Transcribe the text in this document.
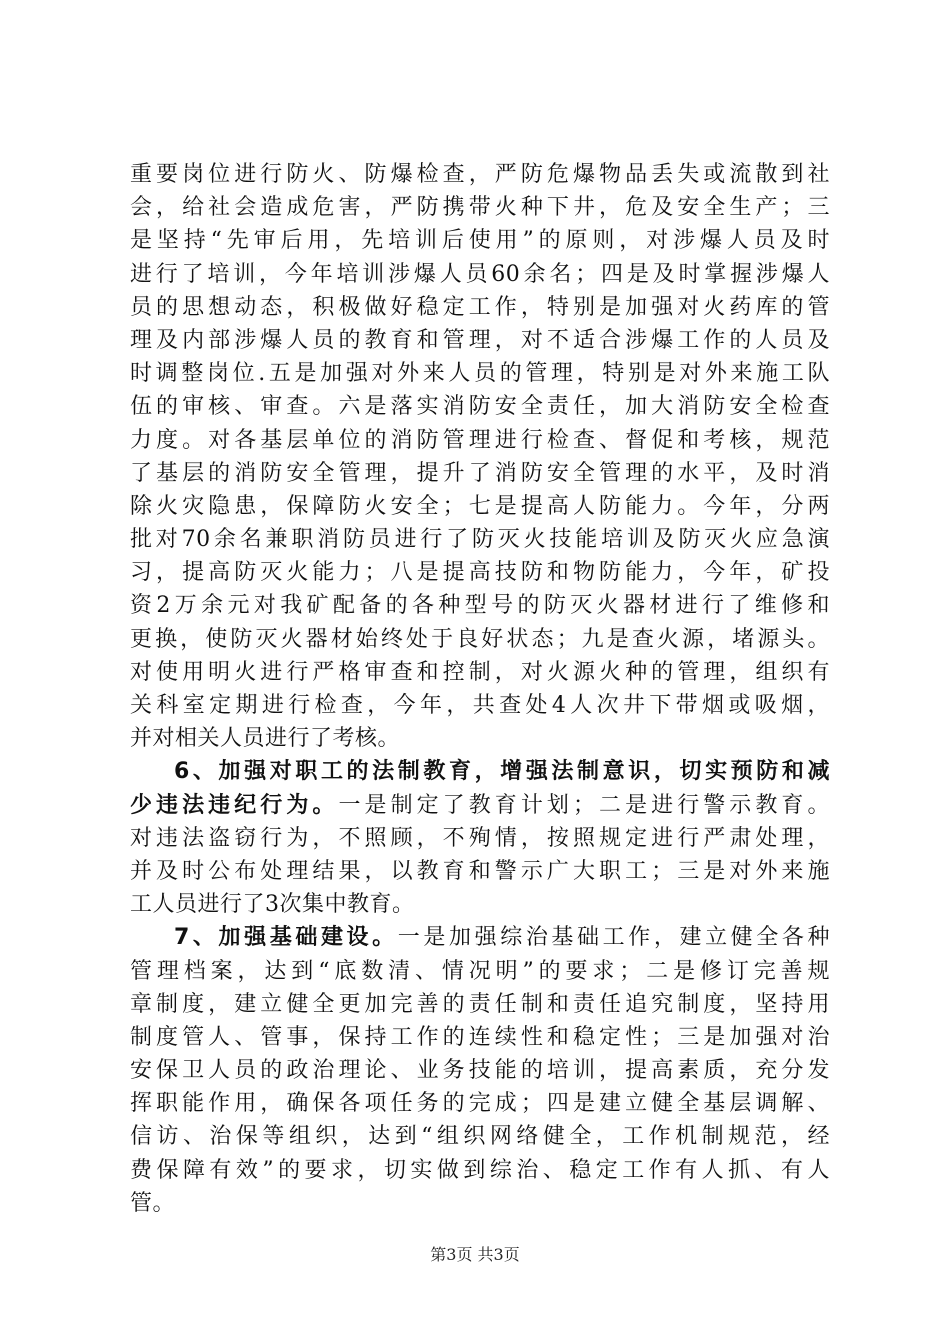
重要岗位进行防火、防爆检查，严防危爆物品丢失或流散到社
会，给社会造成危害，严防携带火种下井，危及安全生产；三
是坚持“先审后用，先培训后使用”的原则，对涉爆人员及时
进行了培训，今年培训涉爆人员60余名；四是及时掌握涉爆人
员的思想动态，积极做好稳定工作，特别是加强对火药库的管
理及内部涉爆人员的教育和管理，对不适合涉爆工作的人员及
时调整岗位.五是加强对外来人员的管理，特别是对外来施工队
伍的审核、审查。六是落实消防安全责任，加大消防安全检查
力度。对各基层单位的消防管理进行检查、督促和考核，规范
了基层的消防安全管理，提升了消防安全管理的水平，及时消
除火灾隐患，保障防火安全；七是提高人防能力。今年，分两
批对70余名兼职消防员进行了防灭火技能培训及防灭火应急演
习，提高防灭火能力；八是提高技防和物防能力，今年，矿投
资2万余元对我矿配备的各种型号的防灭火器材进行了维修和
更换，使防灭火器材始终处于良好状态；九是查火源，堵源头。
对使用明火进行严格审查和控制，对火源火种的管理，组织有
关科室定期进行检查，今年，共查处4人次井下带烟或吸烟，
并对相关人员进行了考核。
6、加强对职工的法制教育，增强法制意识，切实预防和减
少违法违纪行为。一是制定了教育计划；二是进行警示教育。
对违法盗窃行为，不照顾，不殉情，按照规定进行严肃处理，
并及时公布处理结果，以教育和警示广大职工；三是对外来施
工人员进行了3次集中教育。
7、加强基础建设。一是加强综治基础工作，建立健全各种
管理档案，达到“底数清、情况明”的要求；二是修订完善规
章制度，建立健全更加完善的责任制和责任追究制度，坚持用
制度管人、管事，保持工作的连续性和稳定性；三是加强对治
安保卫人员的政治理论、业务技能的培训，提高素质，充分发
挥职能作用，确保各项任务的完成；四是建立健全基层调解、
信访、治保等组织，达到“组织网络健全，工作机制规范，经
费保障有效”的要求，切实做到综治、稳定工作有人抓、有人
管。
第3页 共3页
